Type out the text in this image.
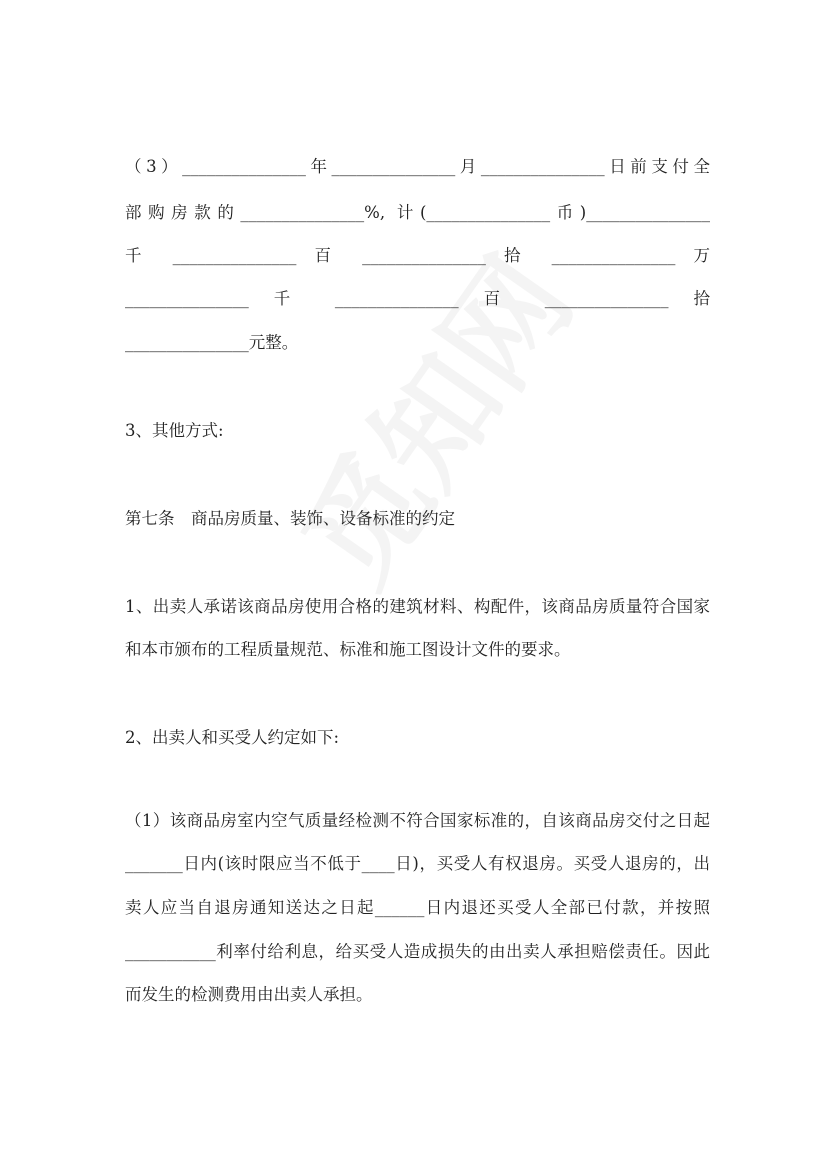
（3）_______________年_______________月_______________日前支付全
部购房款的_______________%, 计(_______________币)_______________
千 _______________ 百 _______________ 拾 _______________ 万
_______________ 千 _______________ 百 _______________ 拾
_______________元整。
3、其他方式:
第七条　商品房质量、装饰、设备标准的约定
1、出卖人承诺该商品房使用合格的建筑材料、构配件，该商品房质量符合国家
和本市颁布的工程质量规范、标准和施工图设计文件的要求。
2、出卖人和买受人约定如下:
（1）该商品房室内空气质量经检测不符合国家标准的，自该商品房交付之日起
_______日内(该时限应当不低于____日)，买受人有权退房。买受人退房的，出
卖人应当自退房通知送达之日起______日内退还买受人全部已付款，并按照
___________利率付给利息，给买受人造成损失的由出卖人承担赔偿责任。因此
而发生的检测费用由出卖人承担。
